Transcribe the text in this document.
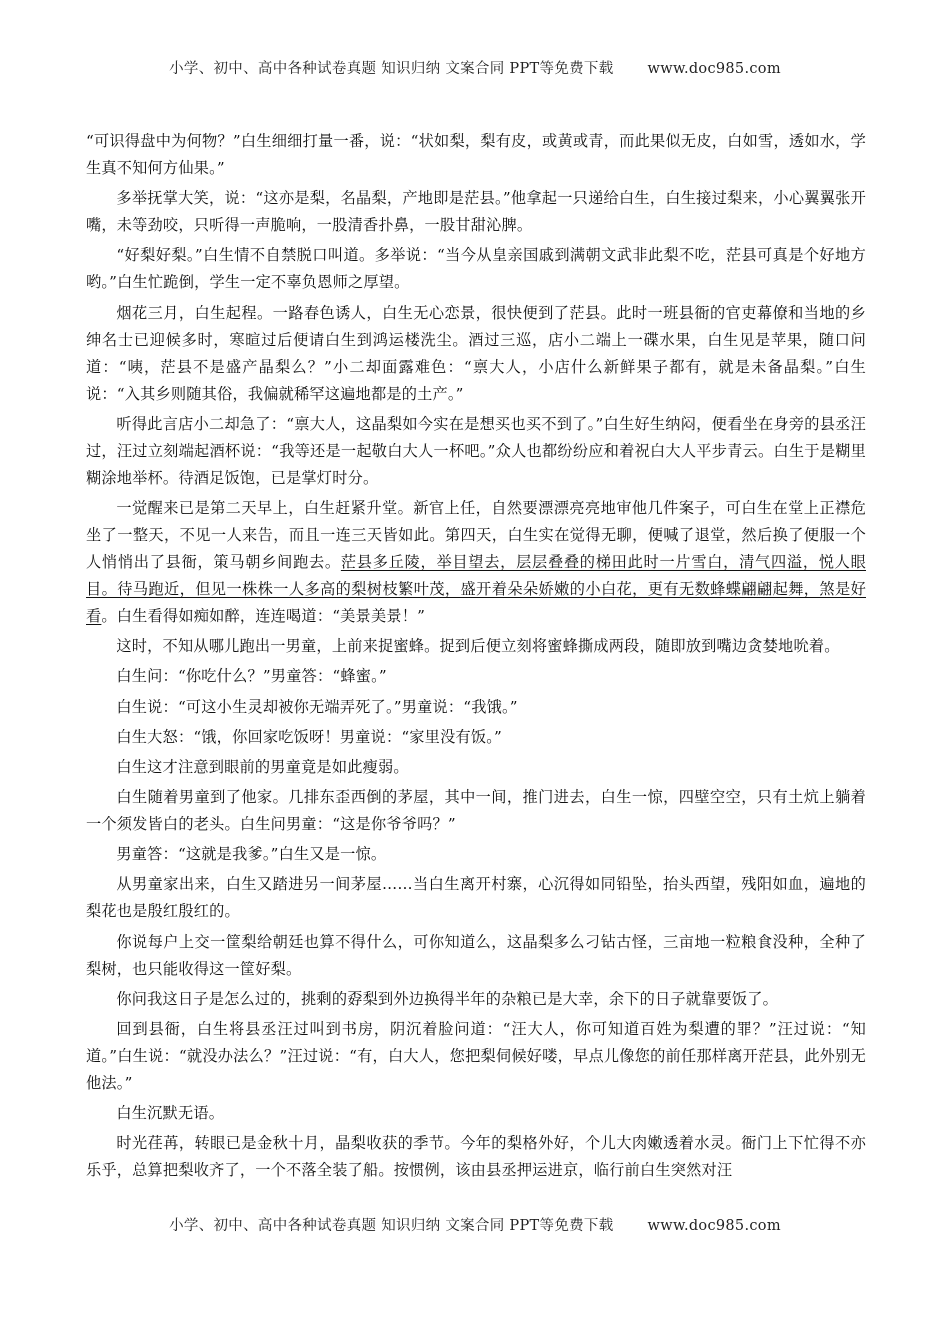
小学、初中、高中各种试卷真题 知识归纳 文案合同 PPT等免费下载 www.doc985.com

“可识得盘中为何物？”白生细细打量一番，说：“状如梨，梨有皮，或黄或青，而此果似无皮，白如雪，透如水，学生真不知何方仙果。”

多举抚掌大笑，说：“这亦是梨，名晶梨，产地即是茫县。”他拿起一只递给白生，白生接过梨来，小心翼翼张开嘴，未等劲咬，只听得一声脆响，一股清香扑鼻，一股甘甜沁脾。

“好梨好梨。”白生情不自禁脱口叫道。多举说：“当今从皇亲国戚到满朝文武非此梨不吃，茫县可真是个好地方哟。”白生忙跪倒，学生一定不辜负恩师之厚望。

烟花三月，白生起程。一路春色诱人，白生无心恋景，很快便到了茫县。此时一班县衙的官吏幕僚和当地的乡绅名士已迎候多时，寒暄过后便请白生到鸿运楼洗尘。酒过三巡，店小二端上一碟水果，白生见是苹果，随口问道：“咦，茫县不是盛产晶梨么？”小二却面露难色：“禀大人，小店什么新鲜果子都有，就是未备晶梨。”白生说：“入其乡则随其俗，我偏就稀罕这遍地都是的土产。”

听得此言店小二却急了：“禀大人，这晶梨如今实在是想买也买不到了。”白生好生纳闷，便看坐在身旁的县丞汪过，汪过立刻端起酒杯说：“我等还是一起敬白大人一杯吧。”众人也都纷纷应和着祝白大人平步青云。白生于是糊里糊涂地举杯。待酒足饭饱，已是掌灯时分。

一觉醒来已是第二天早上，白生赶紧升堂。新官上任，自然要漂漂亮亮地审他几件案子，可白生在堂上正襟危坐了一整天，不见一人来告，而且一连三天皆如此。第四天，白生实在觉得无聊，便喊了退堂，然后换了便服一个人悄悄出了县衙，策马朝乡间跑去。茫县多丘陵，举目望去，层层叠叠的梯田此时一片雪白，清气四溢，悦人眼目。待马跑近，但见一株株一人多高的梨树枝繁叶茂，盛开着朵朵娇嫩的小白花，更有无数蜂蝶翩翩起舞，煞是好看。白生看得如痴如醉，连连喝道：“美景美景！”

这时，不知从哪儿跑出一男童，上前来捉蜜蜂。捉到后便立刻将蜜蜂撕成两段，随即放到嘴边贪婪地吮着。

白生问：“你吃什么？”男童答：“蜂蜜。”

白生说：“可这小生灵却被你无端弄死了。”男童说：“我饿。”

白生大怒：“饿，你回家吃饭呀！男童说：“家里没有饭。”

白生这才注意到眼前的男童竟是如此瘦弱。

白生随着男童到了他家。几排东歪西倒的茅屋，其中一间，推门进去，白生一惊，四壁空空，只有土炕上躺着一个须发皆白的老头。白生问男童：“这是你爷爷吗？”

男童答：“这就是我爹。”白生又是一惊。

从男童家出来，白生又踏进另一间茅屋……当白生离开村寨，心沉得如同铅坠，抬头西望，残阳如血，遍地的梨花也是殷红殷红的。

你说每户上交一筐梨给朝廷也算不得什么，可你知道么，这晶梨多么刁钻古怪，三亩地一粒粮食没种，全种了梨树，也只能收得这一筐好梨。

你问我这日子是怎么过的，挑剩的孬梨到外边换得半年的杂粮已是大幸，余下的日子就靠要饭了。

回到县衙，白生将县丞汪过叫到书房，阴沉着脸问道：“汪大人，你可知道百姓为梨遭的罪？”汪过说：“知道。”白生说：“就没办法么？”汪过说：“有，白大人，您把梨伺候好喽，早点儿像您的前任那样离开茫县，此外别无他法。”

白生沉默无语。

时光荏苒，转眼已是金秋十月，晶梨收获的季节。今年的梨格外好，个儿大肉嫩透着水灵。衙门上下忙得不亦乐乎，总算把梨收齐了，一个不落全装了船。按惯例，该由县丞押运进京，临行前白生突然对汪

小学、初中、高中各种试卷真题 知识归纳 文案合同 PPT等免费下载 www.doc985.com
